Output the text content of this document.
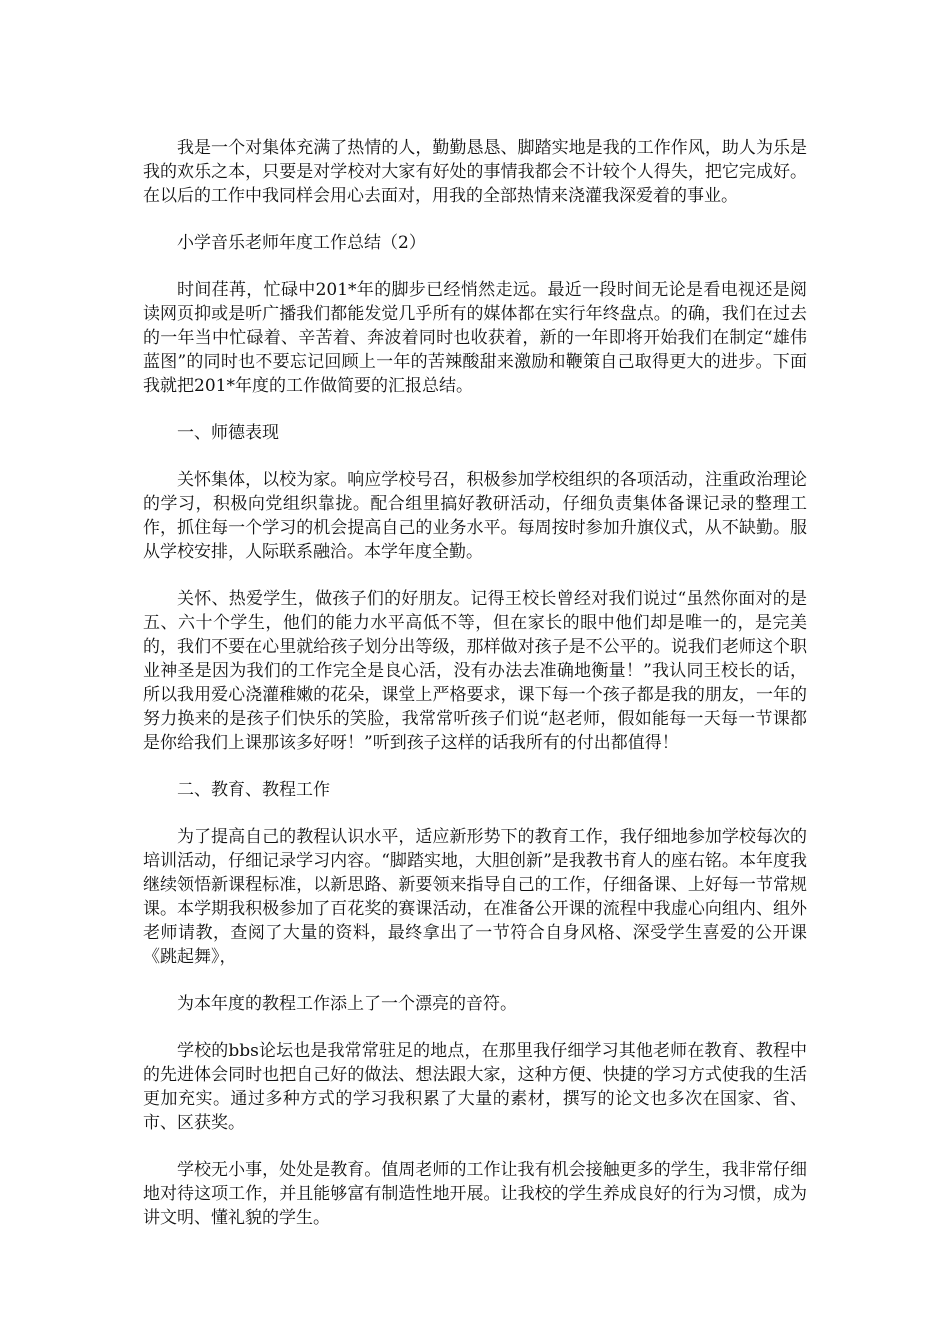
我是一个对集体充满了热情的人，勤勤恳恳、脚踏实地是我的工作作风，助人为乐是我的欢乐之本，只要是对学校对大家有好处的事情我都会不计较个人得失，把它完成好。在以后的工作中我同样会用心去面对，用我的全部热情来浇灌我深爱着的事业。

小学音乐老师年度工作总结（2）

时间荏苒，忙碌中201*年的脚步已经悄然走远。最近一段时间无论是看电视还是阅读网页抑或是听广播我们都能发觉几乎所有的媒体都在实行年终盘点。的确，我们在过去的一年当中忙碌着、辛苦着、奔波着同时也收获着，新的一年即将开始我们在制定“雄伟蓝图”的同时也不要忘记回顾上一年的苦辣酸甜来激励和鞭策自己取得更大的进步。下面我就把201*年度的工作做简要的汇报总结。

一、师德表现

关怀集体，以校为家。响应学校号召，积极参加学校组织的各项活动，注重政治理论的学习，积极向党组织靠拢。配合组里搞好教研活动，仔细负责集体备课记录的整理工作，抓住每一个学习的机会提高自己的业务水平。每周按时参加升旗仪式，从不缺勤。服从学校安排，人际联系融洽。本学年度全勤。

关怀、热爱学生，做孩子们的好朋友。记得王校长曾经对我们说过“虽然你面对的是五、六十个学生，他们的能力水平高低不等，但在家长的眼中他们却是唯一的，是完美的，我们不要在心里就给孩子划分出等级，那样做对孩子是不公平的。说我们老师这个职业神圣是因为我们的工作完全是良心活，没有办法去准确地衡量！”我认同王校长的话，所以我用爱心浇灌稚嫩的花朵，课堂上严格要求，课下每一个孩子都是我的朋友，一年的努力换来的是孩子们快乐的笑脸，我常常听孩子们说“赵老师，假如能每一天每一节课都是你给我们上课那该多好呀！”听到孩子这样的话我所有的付出都值得！

二、教育、教程工作

为了提高自己的教程认识水平，适应新形势下的教育工作，我仔细地参加学校每次的培训活动，仔细记录学习内容。“脚踏实地，大胆创新”是我教书育人的座右铭。本年度我继续领悟新课程标准，以新思路、新要领来指导自己的工作，仔细备课、上好每一节常规课。本学期我积极参加了百花奖的赛课活动，在准备公开课的流程中我虚心向组内、组外老师请教，查阅了大量的资料，最终拿出了一节符合自身风格、深受学生喜爱的公开课《跳起舞》，

为本年度的教程工作添上了一个漂亮的音符。

学校的bbs论坛也是我常常驻足的地点，在那里我仔细学习其他老师在教育、教程中的先进体会同时也把自己好的做法、想法跟大家，这种方便、快捷的学习方式使我的生活更加充实。通过多种方式的学习我积累了大量的素材，撰写的论文也多次在国家、省、市、区获奖。

学校无小事，处处是教育。值周老师的工作让我有机会接触更多的学生，我非常仔细地对待这项工作，并且能够富有制造性地开展。让我校的学生养成良好的行为习惯，成为讲文明、懂礼貌的学生。
